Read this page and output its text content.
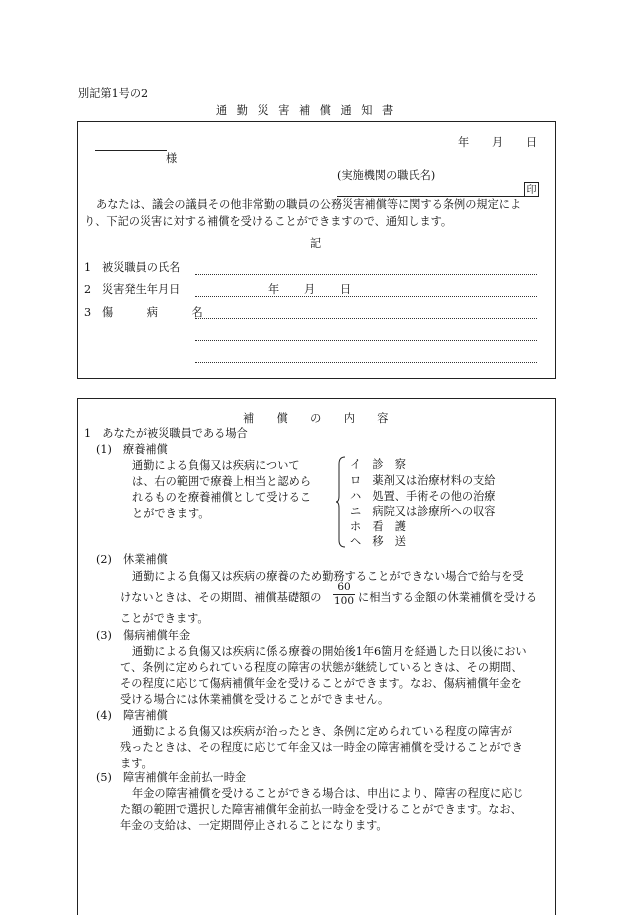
別記第1号の2
通 勤 災 害 補 償 通 知 書
年 月 日
様
(実施機関の職氏名)
印
あなたは、議会の議員その他非常勤の職員の公務災害補償等に関する条例の規定によ
り、下記の災害に対する補償を受けることができますので、通知します。
記
1 被災職員の氏名
2 災害発生年月日	年 月 日
3 傷　　　病　　　名
補　　償　　の　　内　　容
1　あなたが被災職員である場合
(1)　療養補償
通勤による負傷又は疾病について
は、右の範囲で療養上相当と認めら
れるものを療養補償として受けるこ
とができます。
イ　診　察
ロ　薬剤又は治療材料の支給
ハ　処置、手術その他の治療
ニ　病院又は診療所への収容
ホ　看　護
ヘ　移　送
(2)　休業補償
通勤による負傷又は疾病の療養のため勤務することができない場合で給与を受
けないときは、その期間、補償基礎額の
60
100 に相当する金額の休業補償を受ける
ことができます。
(3)　傷病補償年金
通勤による負傷又は疾病に係る療養の開始後1年6箇月を経過した日以後におい
て、条例に定められている程度の障害の状態が継続しているときは、その期間、
その程度に応じて傷病補償年金を受けることができます。なお、傷病補償年金を
受ける場合には休業補償を受けることができません。
(4)　障害補償
通勤による負傷又は疾病が治ったとき、条例に定められている程度の障害が
残ったときは、その程度に応じて年金又は一時金の障害補償を受けることができ
ます。
(5)　障害補償年金前払一時金
年金の障害補償を受けることができる場合は、申出により、障害の程度に応じ
た額の範囲で選択した障害補償年金前払一時金を受けることができます。なお、
年金の支給は、一定期間停止されることになります。
